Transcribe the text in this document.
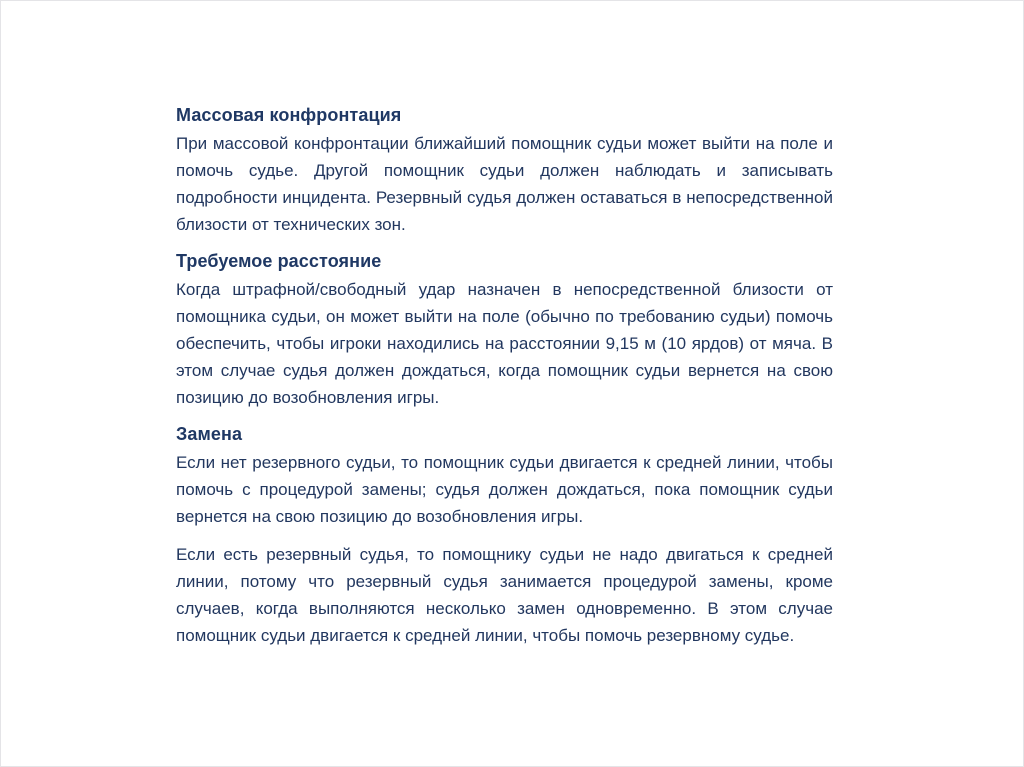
Массовая конфронтация

При массовой конфронтации ближайший помощник судьи может выйти на поле и помочь судье. Другой помощник судьи должен наблюдать и записывать подробности инцидента. Резервный судья должен оставаться в непосредственной близости от технических зон.

Требуемое расстояние

Когда штрафной/свободный удар назначен в непосредственной близости от помощника судьи, он может выйти на поле (обычно по требованию судьи) помочь обеспечить, чтобы игроки находились на расстоянии 9,15 м (10 ярдов) от мяча. В этом случае судья должен дождаться, когда помощник судьи вернется на свою позицию до возобновления игры.

Замена

Если нет резервного судьи, то помощник судьи двигается к средней линии, чтобы помочь с процедурой замены; судья должен дождаться, пока помощник судьи вернется на свою позицию до возобновления игры.

Если есть резервный судья, то помощнику судьи не надо двигаться к средней линии, потому что резервный судья занимается процедурой замены, кроме случаев, когда выполняются несколько замен одновременно. В этом случае помощник судьи двигается к средней линии, чтобы помочь резервному судье.
